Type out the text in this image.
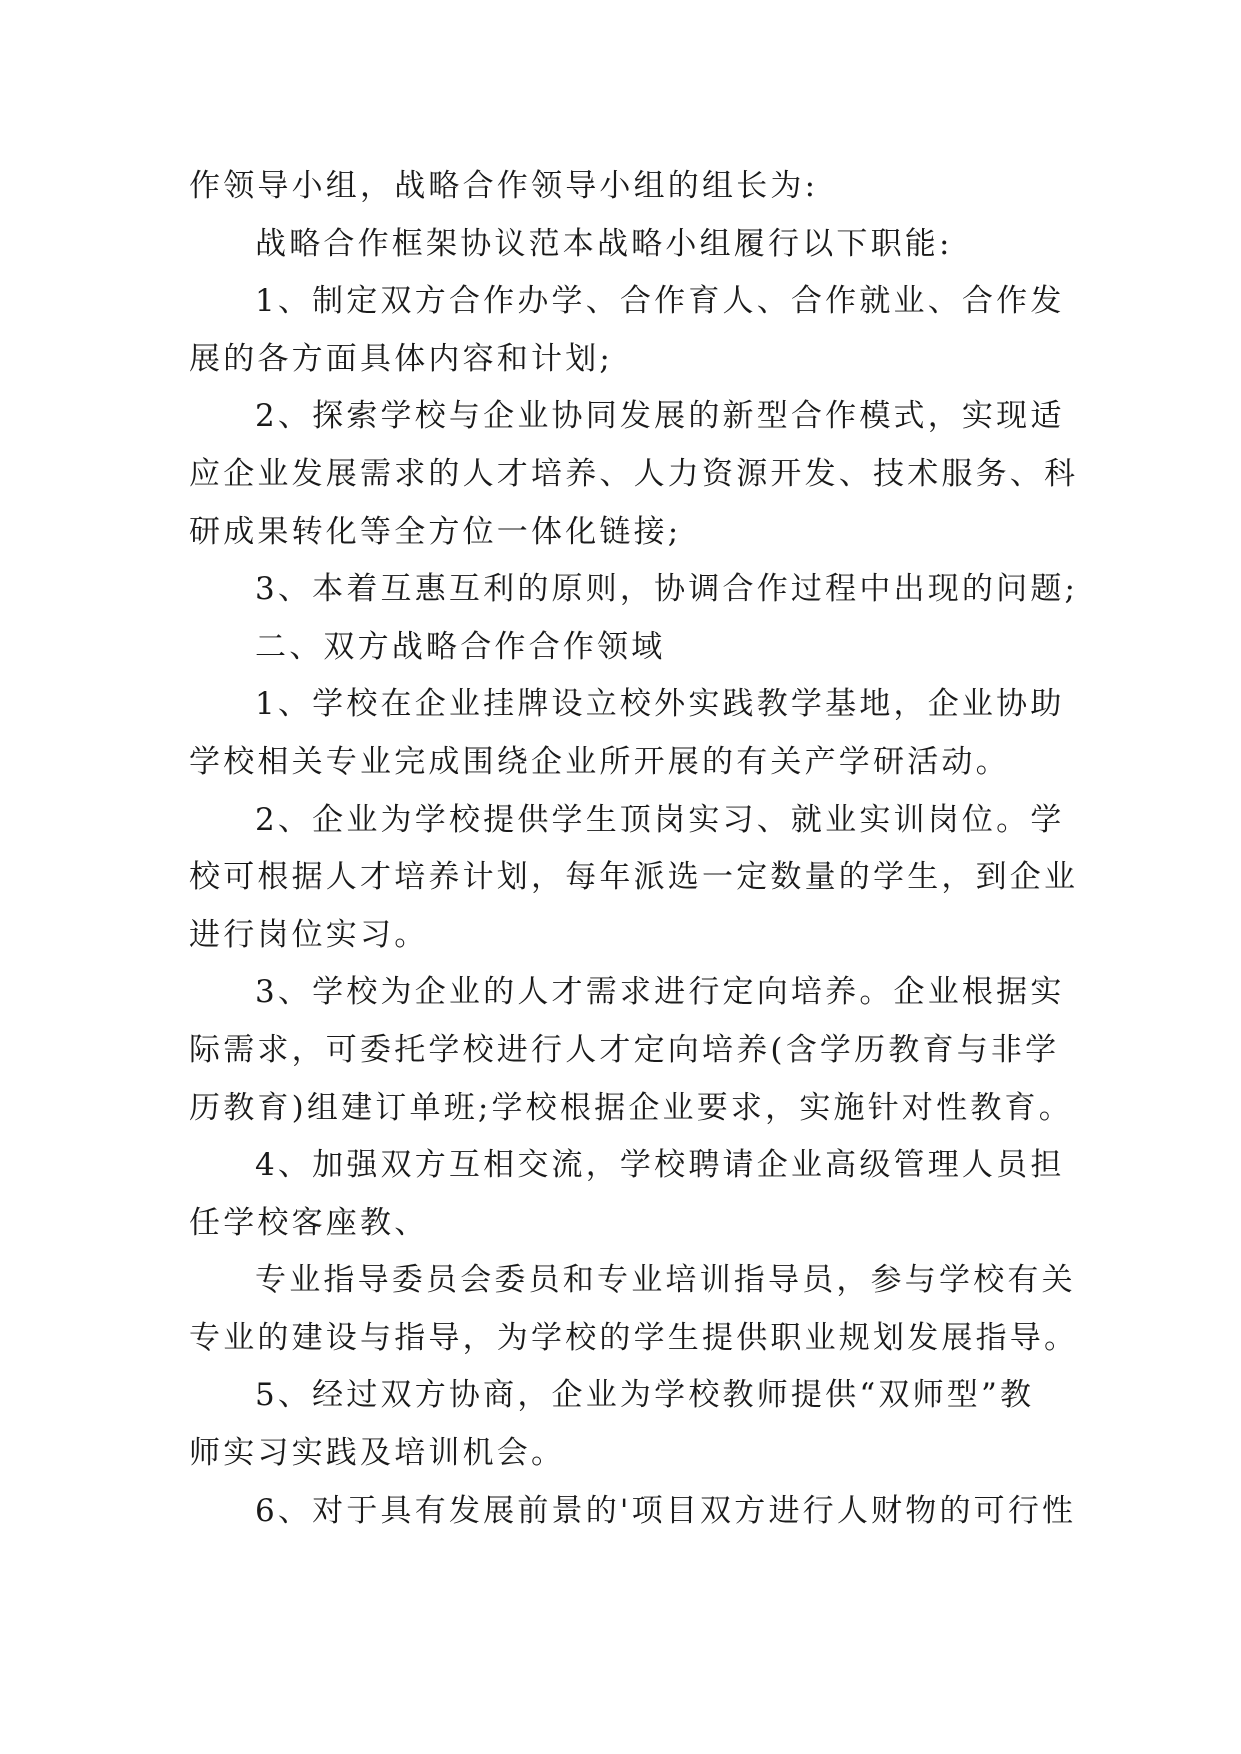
作领导小组，战略合作领导小组的组长为:
战略合作框架协议范本战略小组履行以下职能:
1、制定双方合作办学、合作育人、合作就业、合作发
展的各方面具体内容和计划;
2、探索学校与企业协同发展的新型合作模式，实现适
应企业发展需求的人才培养、人力资源开发、技术服务、科
研成果转化等全方位一体化链接;
3、本着互惠互利的原则，协调合作过程中出现的问题;
二、双方战略合作合作领域
1、学校在企业挂牌设立校外实践教学基地，企业协助
学校相关专业完成围绕企业所开展的有关产学研活动。
2、企业为学校提供学生顶岗实习、就业实训岗位。学
校可根据人才培养计划，每年派选一定数量的学生，到企业
进行岗位实习。
3、学校为企业的人才需求进行定向培养。企业根据实
际需求，可委托学校进行人才定向培养(含学历教育与非学
历教育)组建订单班;学校根据企业要求，实施针对性教育。
4、加强双方互相交流，学校聘请企业高级管理人员担
任学校客座教、
专业指导委员会委员和专业培训指导员，参与学校有关
专业的建设与指导，为学校的学生提供职业规划发展指导。
5、经过双方协商，企业为学校教师提供“双师型”教
师实习实践及培训机会。
6、对于具有发展前景的'项目双方进行人财物的可行性
